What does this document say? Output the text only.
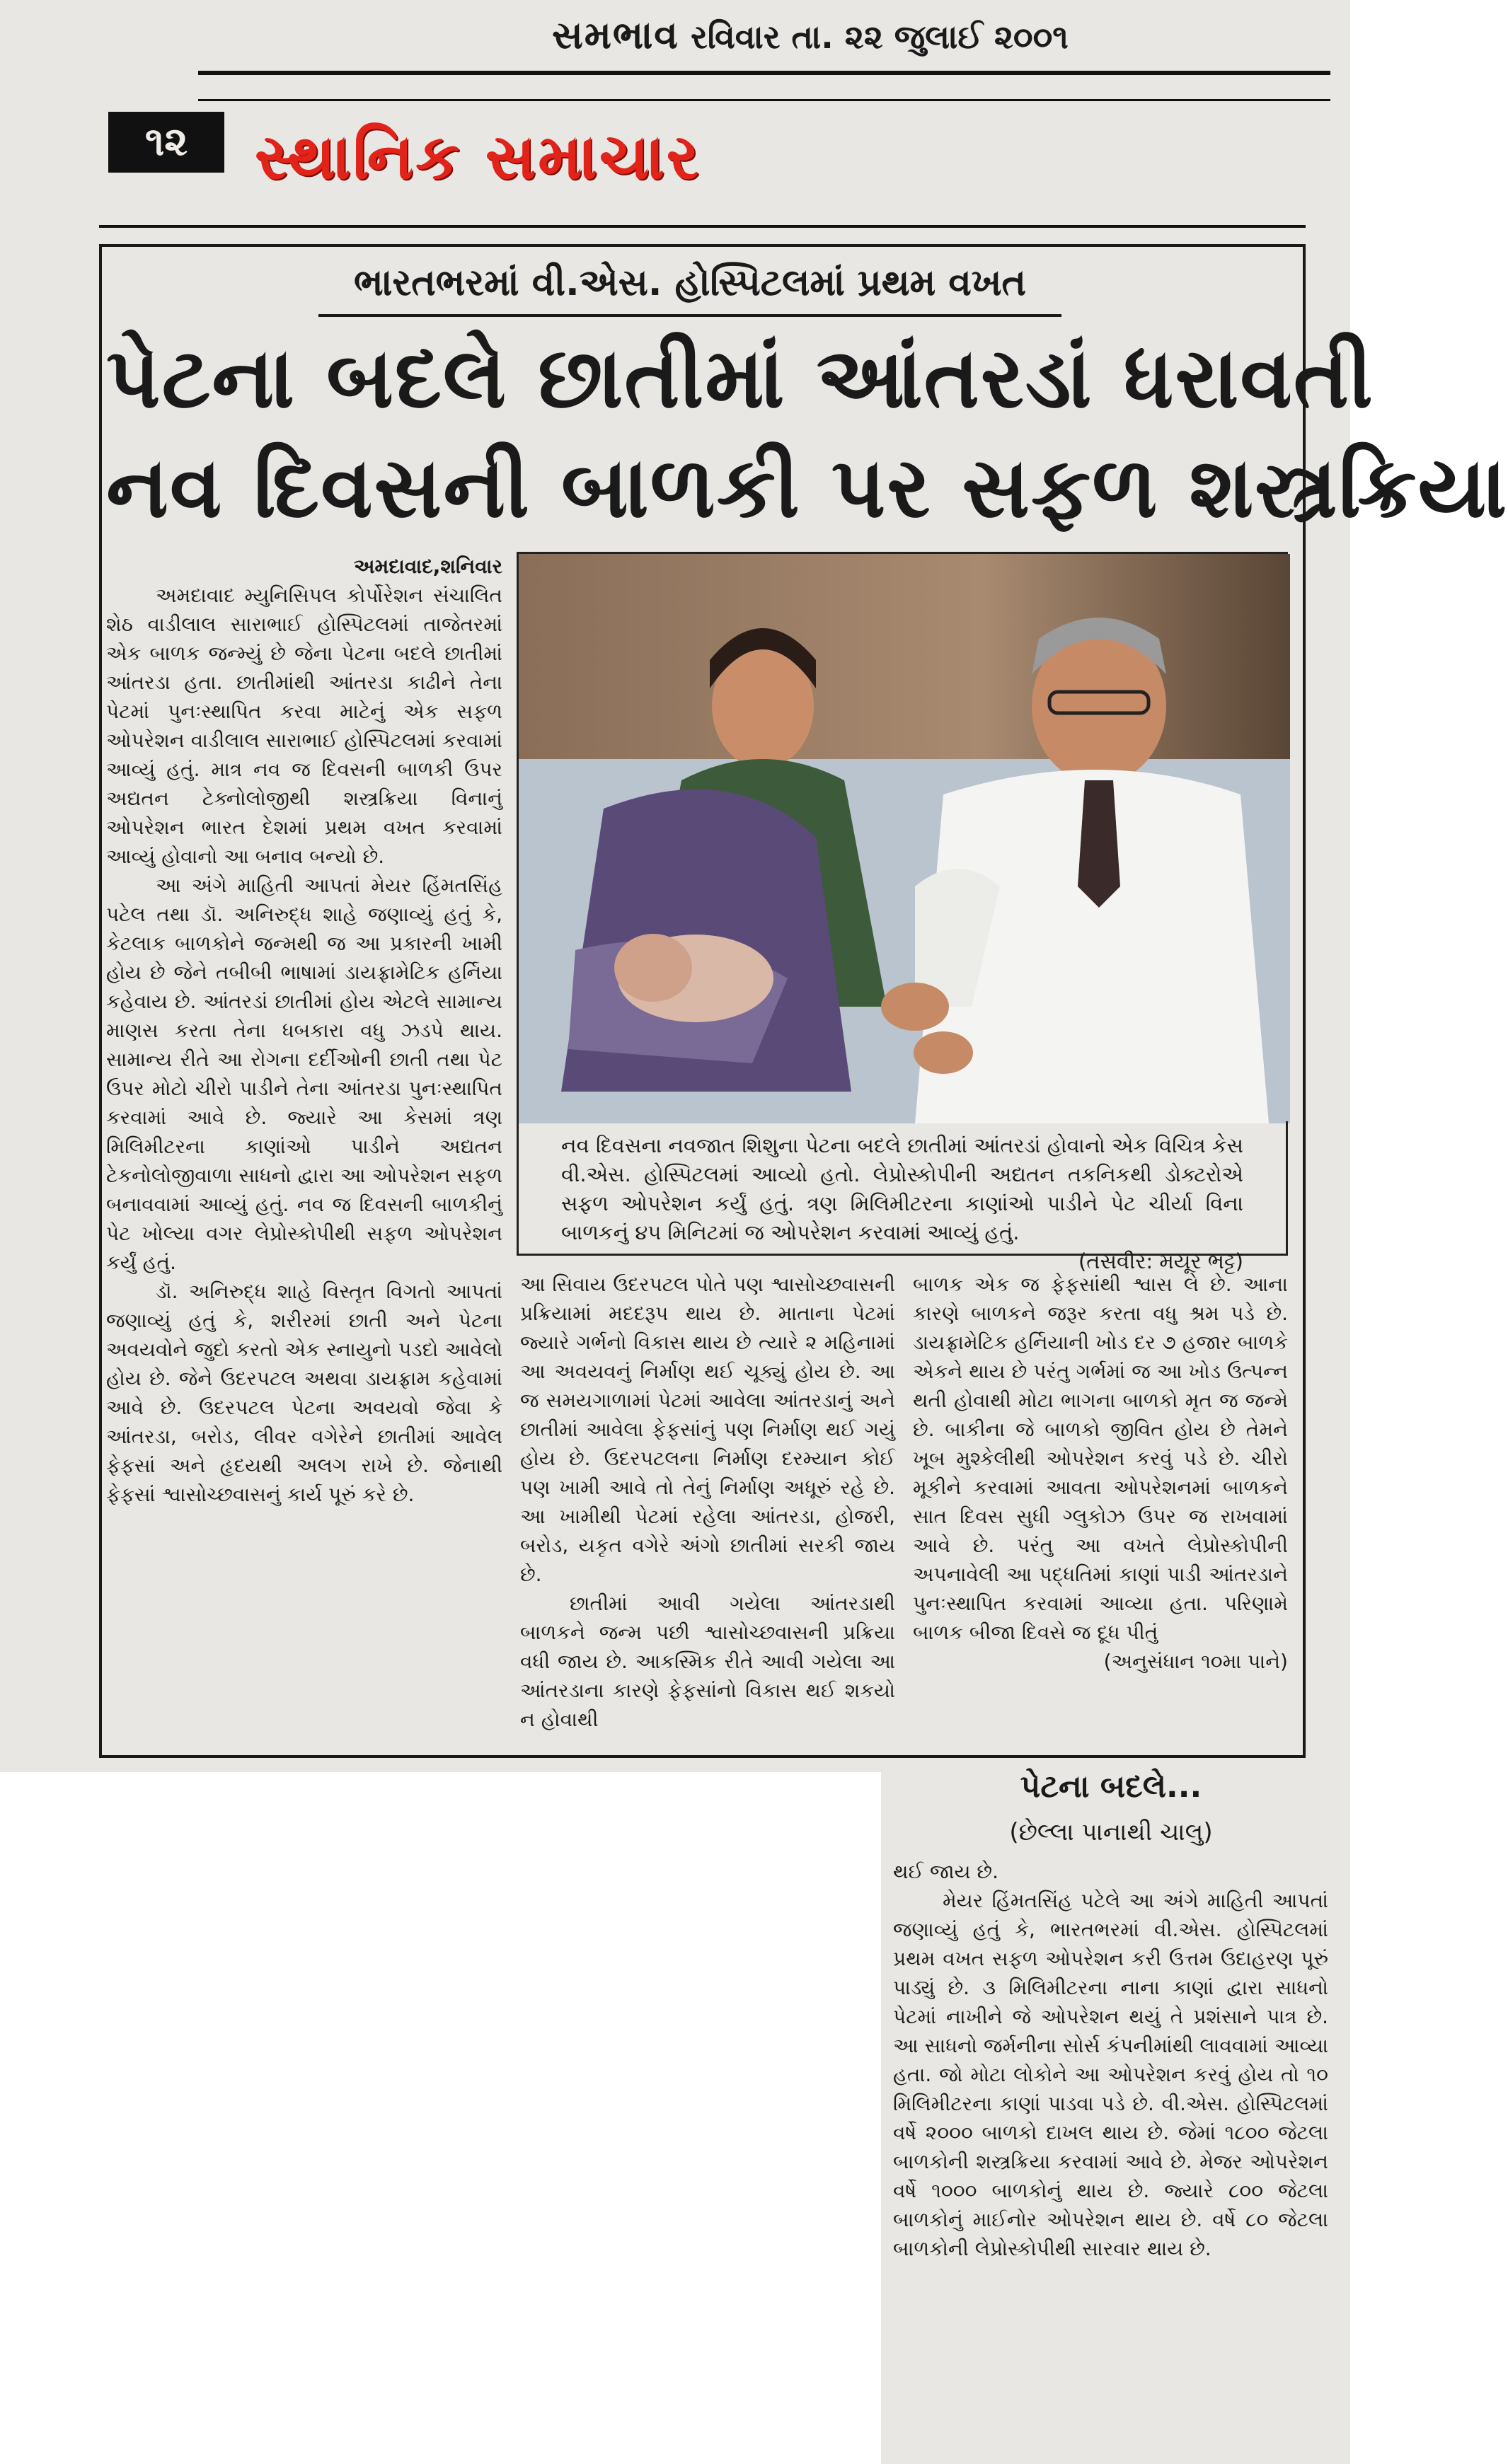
સમભાવ રવિવાર તા. ૨૨ જુલાઈ ૨૦૦૧
૧૨	સ્થાનિક સમાચાર
ભારતભરમાં વી.એસ. હોસ્પિટલમાં પ્રથમ વખત
પેટના બદલે છાતીમાં આંતરડાં ધરાવતી
નવ દિવસની બાળકી પર સફળ શસ્ત્રક્રિયા

અમદાવાદ,શનિવાર

અમદાવાદ મ્યુનિસિપલ કોર્પોરેશન સંચાલિત શેઠ વાડીલાલ સારાભાઈ હોસ્પિટલમાં તાજેતરમાં એક બાળક જન્મ્યું છે જેના પેટના બદલે છાતીમાં આંતરડા હતા. છાતીમાંથી આંતરડા કાઢીને તેના પેટમાં પુનઃસ્થાપિત કરવા માટેનું એક સફળ ઓપરેશન વાડીલાલ સારાભાઈ હોસ્પિટલમાં કરવામાં આવ્યું હતું. માત્ર નવ જ દિવસની બાળકી ઉપર અદ્યતન ટેક્નોલોજીથી શસ્ત્રક્રિયા વિનાનું ઓપરેશન ભારત દેશમાં પ્રથમ વખત કરવામાં આવ્યું હોવાનો આ બનાવ બન્યો છે.

આ અંગે માહિતી આપતાં મેયર હિંમતસિંહ પટેલ તથા ડૉ. અનિરુદ્ધ શાહે જણાવ્યું હતું કે, કેટલાક બાળકોને જન્મથી જ આ પ્રકારની ખામી હોય છે જેને તબીબી ભાષામાં ડાયફ્રામેટિક હર્નિયા કહેવાય છે. આંતરડાં છાતીમાં હોય એટલે સામાન્ય માણસ કરતા તેના ધબકારા વધુ ઝડપે થાય. સામાન્ય રીતે આ રોગના દર્દીઓની છાતી તથા પેટ ઉપર મોટો ચીરો પાડીને તેના આંતરડા પુનઃસ્થાપિત કરવામાં આવે છે. જ્યારે આ કેસમાં ત્રણ મિલિમીટરના કાણાંઓ પાડીને અદ્યતન ટેકનોલોજીવાળા સાધનો દ્વારા આ ઓપરેશન સફળ બનાવવામાં આવ્યું હતું. નવ જ દિવસની બાળકીનું પેટ ખોલ્યા વગર લેપ્રોસ્કોપીથી સફળ ઓપરેશન કર્યું હતું.

ડૉ. અનિરુદ્ધ શાહે વિસ્તૃત વિગતો આપતાં જણાવ્યું હતું કે, શરીરમાં છાતી અને પેટના અવયવોને જુદો કરતો એક સ્નાયુનો પડદો આવેલો હોય છે. જેને ઉદરપટલ અથવા ડાયફ્રામ કહેવામાં આવે છે. ઉદરપટલ પેટના અવયવો જેવા કે આંતરડા, બરોડ, લીવર વગેરેને છાતીમાં આવેલ ફેફસાં અને હૃદયથી અલગ રાખે છે. જેનાથી ફેફસાં શ્વાસોચ્છવાસનું કાર્ય પૂરું કરે છે.

નવ દિવસના નવજાત શિશુના પેટના બદલે છાતીમાં આંતરડાં હોવાનો એક વિચિત્ર કેસ વી.એસ. હોસ્પિટલમાં આવ્યો હતો. લેપ્રોસ્કોપીની અદ્યતન તકનિકથી ડોક્ટરોએ સફળ ઓપરેશન કર્યું હતું. ત્રણ મિલિમીટરના કાણાંઓ પાડીને પેટ ચીર્યા વિના બાળકનું ૪૫ મિનિટમાં જ ઓપરેશન કરવામાં આવ્યું હતું.

(તસવીર: મયૂર ભટ્ટ)

આ સિવાય ઉદરપટલ પોતે પણ શ્વાસોચ્છવાસની પ્રક્રિયામાં મદદરૂપ થાય છે. માતાના પેટમાં જ્યારે ગર્ભનો વિકાસ થાય છે ત્યારે ૨ મહિનામાં આ અવયવનું નિર્માણ થઈ ચૂક્યું હોય છે. આ જ સમયગાળામાં પેટમાં આવેલા આંતરડાનું અને છાતીમાં આવેલા ફેફસાંનું પણ નિર્માણ થઈ ગયું હોય છે. ઉદરપટલના નિર્માણ દરમ્યાન કોઈ પણ ખામી આવે તો તેનું નિર્માણ અધૂરું રહે છે. આ ખામીથી પેટમાં રહેલા આંતરડા, હોજરી, બરોડ, યકૃત વગેરે અંગો છાતીમાં સરકી જાય છે.

છાતીમાં આવી ગયેલા આંતરડાથી બાળકને જન્મ પછી શ્વાસોચ્છવાસની પ્રક્રિયા વધી જાય છે. આકસ્મિક રીતે આવી ગયેલા આ આંતરડાના કારણે ફેફસાંનો વિકાસ થઈ શકયો ન હોવાથી

બાળક એક જ ફેફસાંથી શ્વાસ લે છે. આના કારણે બાળકને જરૂર કરતા વધુ શ્રમ પડે છે. ડાયફ્રામેટિક હર્નિયાની ખોડ દર ૭ હજાર બાળકે એકને થાય છે પરંતુ ગર્ભમાં જ આ ખોડ ઉત્પન્ન થતી હોવાથી મોટા ભાગના બાળકો મૃત જ જન્મે છે. બાકીના જે બાળકો જીવિત હોય છે તેમને ખૂબ મુશ્કેલીથી ઓપરેશન કરવું પડે છે. ચીરો મૂકીને કરવામાં આવતા ઓપરેશનમાં બાળકને સાત દિવસ સુધી ગ્લુકોઝ ઉપર જ રાખવામાં આવે છે. પરંતુ આ વખતે લેપ્રોસ્કોપીની અપનાવેલી આ પદ્ધતિમાં કાણાં પાડી આંતરડાને પુનઃસ્થાપિત કરવામાં આવ્યા હતા. પરિણામે બાળક બીજા દિવસે જ દૂધ પીતું

(અનુસંધાન ૧૦મા પાને)

પેટના બદલે...
(છેલ્લા પાનાથી ચાલુ)

થઈ જાય છે.

મેયર હિંમતસિંહ પટેલે આ અંગે માહિતી આપતાં જણાવ્યું હતું કે, ભારતભરમાં વી.એસ. હોસ્પિટલમાં પ્રથમ વખત સફળ ઓપરેશન કરી ઉત્તમ ઉદાહરણ પૂરું પાડ્યું છે. ૩ મિલિમીટરના નાના કાણાં દ્વારા સાધનો પેટમાં નાખીને જે ઓપરેશન થયું તે પ્રશંસાને પાત્ર છે. આ સાધનો જર્મનીના સોર્સ કંપનીમાંથી લાવવામાં આવ્યા હતા. જો મોટા લોકોને આ ઓપરેશન કરવું હોય તો ૧૦ મિલિમીટરના કાણાં પાડવા પડે છે. વી.એસ. હોસ્પિટલમાં વર્ષે ૨૦૦૦ બાળકો દાખલ થાય છે. જેમાં ૧૮૦૦ જેટલા બાળકોની શસ્ત્રક્રિયા કરવામાં આવે છે. મેજર ઓપરેશન વર્ષે ૧૦૦૦ બાળકોનું થાય છે. જ્યારે ૮૦૦ જેટલા બાળકોનું માઈનોર ઓપરેશન થાય છે. વર્ષે ૮૦ જેટલા બાળકોની લેપ્રોસ્કોપીથી સારવાર થાય છે.
